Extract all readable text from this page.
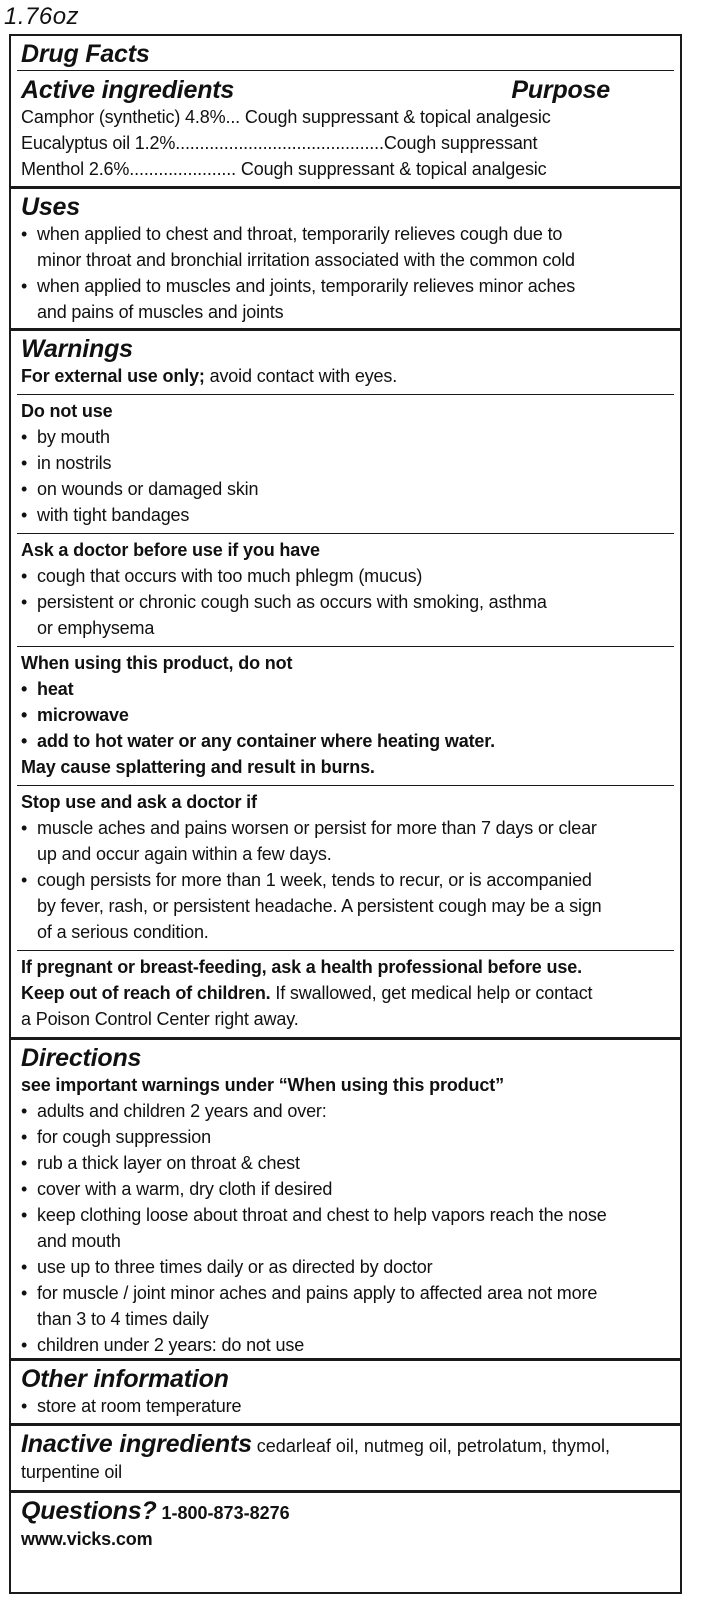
1.76oz
Drug Facts
Active ingredients	Purpose
Camphor (synthetic) 4.8%... Cough suppressant & topical analgesic
Eucalyptus oil 1.2%...........................................Cough suppressant
Menthol 2.6%...................... Cough suppressant & topical analgesic
Uses
• when applied to chest and throat, temporarily relieves cough due to
minor throat and bronchial irritation associated with the common cold
• when applied to muscles and joints, temporarily relieves minor aches
and pains of muscles and joints
Warnings
For external use only; avoid contact with eyes.
Do not use
• by mouth
• in nostrils
• on wounds or damaged skin
• with tight bandages
Ask a doctor before use if you have
• cough that occurs with too much phlegm (mucus)
• persistent or chronic cough such as occurs with smoking, asthma
or emphysema
When using this product, do not
• heat
• microwave
• add to hot water or any container where heating water.
May cause splattering and result in burns.
Stop use and ask a doctor if
• muscle aches and pains worsen or persist for more than 7 days or clear
up and occur again within a few days.
• cough persists for more than 1 week, tends to recur, or is accompanied
by fever, rash, or persistent headache. A persistent cough may be a sign
of a serious condition.
If pregnant or breast-feeding, ask a health professional before use.
Keep out of reach of children. If swallowed, get medical help or contact
a Poison Control Center right away.
Directions
see important warnings under “When using this product”
• adults and children 2 years and over:
• for cough suppression
• rub a thick layer on throat & chest
• cover with a warm, dry cloth if desired
• keep clothing loose about throat and chest to help vapors reach the nose
and mouth
• use up to three times daily or as directed by doctor
• for muscle / joint minor aches and pains apply to affected area not more
than 3 to 4 times daily
• children under 2 years: do not use
Other information
• store at room temperature
Inactive ingredients cedarleaf oil, nutmeg oil, petrolatum, thymol,
turpentine oil
Questions? 1-800-873-8276
www.vicks.com
